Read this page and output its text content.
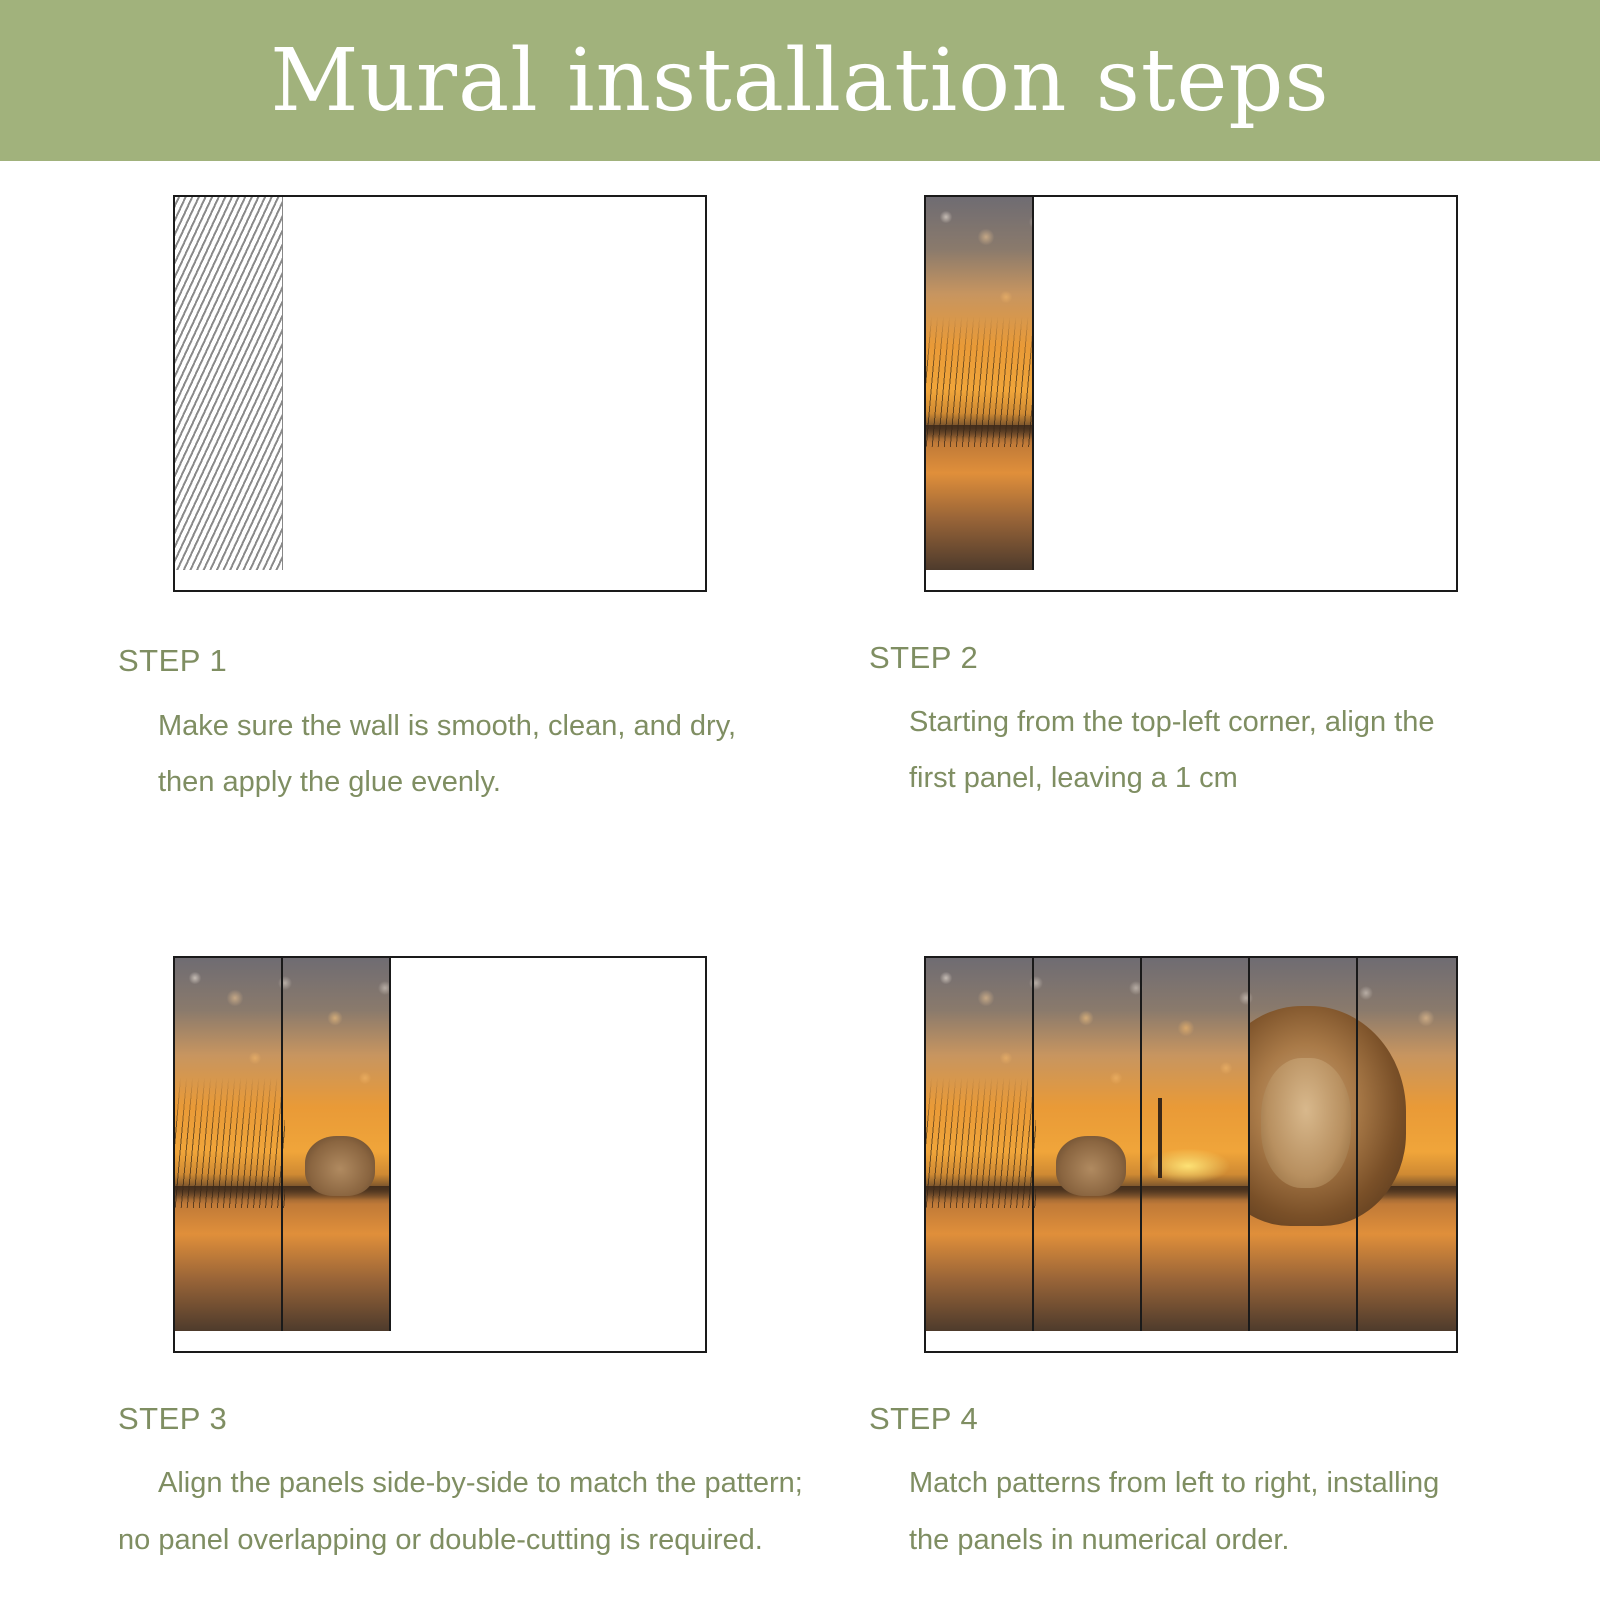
Mural installation steps
STEP 1
Make sure the wall is smooth, clean, and dry,
then apply the glue evenly.
STEP 2
Starting from the top-left corner, align the
first panel, leaving a 1 cm
STEP 3
Align the panels side-by-side to match the pattern;
no panel overlapping or double-cutting is required.
STEP 4
Match patterns from left to right, installing
the panels in numerical order.
